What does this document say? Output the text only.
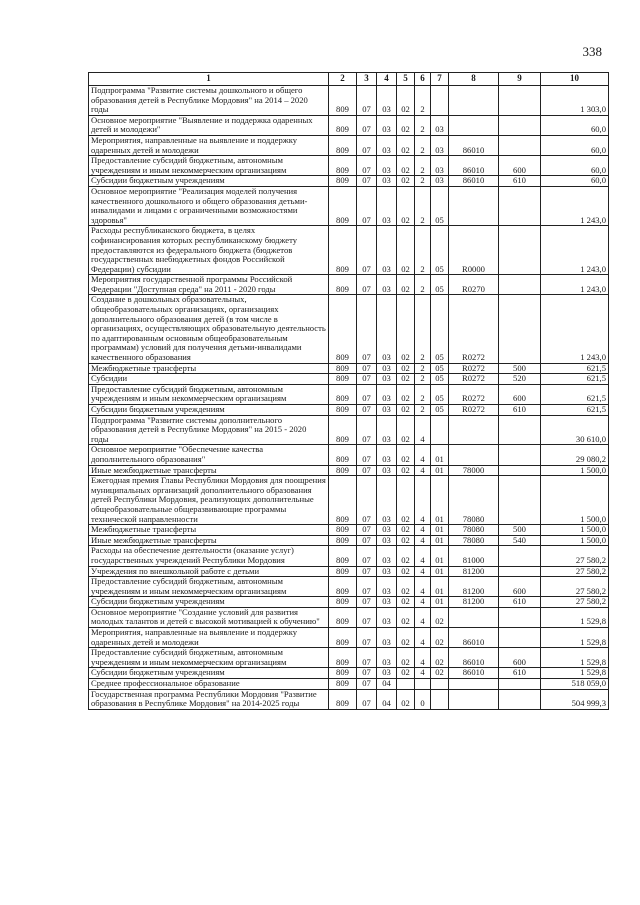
338
1	2	3	4	5	6	7	8	9	10
Подпрограмма "Развитие системы дошкольного и общего образования детей в Республике Мордовия" на 2014 – 2020 годы	809	07	03	02	2				1 303,0
Основное мероприятие "Выявление и поддержка одаренных детей и молодежи"	809	07	03	02	2	03			60,0
Мероприятия, направленные на выявление и поддержку одаренных детей и молодежи	809	07	03	02	2	03	86010		60,0
Предоставление субсидий бюджетным, автономным учреждениям и иным некоммерческим организациям	809	07	03	02	2	03	86010	600	60,0
Субсидии бюджетным учреждениям	809	07	03	02	2	03	86010	610	60,0
Основное мероприятие "Реализация моделей получения качественного дошкольного и общего образования детьми-инвалидами и лицами с ограниченными возможностями здоровья"	809	07	03	02	2	05			1 243,0
Расходы республиканского бюджета, в целях софинансирования которых республиканскому бюджету предоставляются из федерального бюджета (бюджетов государственных внебюджетных фондов Российской Федерации) субсидии	809	07	03	02	2	05	R0000		1 243,0
Мероприятия государственной программы Российской Федерации "Доступная среда" на 2011 - 2020 годы	809	07	03	02	2	05	R0270		1 243,0
Создание в дошкольных образовательных, общеобразовательных организациях, организациях дополнительного образования детей (в том числе в организациях, осуществляющих образовательную деятельность по адаптированным основным общеобразовательным программам) условий для получения детьми-инвалидами качественного образования	809	07	03	02	2	05	R0272		1 243,0
Межбюджетные трансферты	809	07	03	02	2	05	R0272	500	621,5
Субсидии	809	07	03	02	2	05	R0272	520	621,5
Предоставление субсидий бюджетным, автономным учреждениям и иным некоммерческим организациям	809	07	03	02	2	05	R0272	600	621,5
Субсидии бюджетным учреждениям	809	07	03	02	2	05	R0272	610	621,5
Подпрограмма "Развитие системы дополнительного образования детей в Республике Мордовия" на 2015 - 2020 годы	809	07	03	02	4				30 610,0
Основное мероприятие "Обеспечение качества дополнительного образования"	809	07	03	02	4	01			29 080,2
Иные межбюджетные трансферты	809	07	03	02	4	01	78000		1 500,0
Ежегодная премия Главы Республики Мордовия для поощрения муниципальных организаций дополнительного образования детей Республики Мордовия, реализующих дополнительные общеобразовательные общеразвивающие программы технической направленности	809	07	03	02	4	01	78080		1 500,0
Межбюджетные трансферты	809	07	03	02	4	01	78080	500	1 500,0
Иные межбюджетные трансферты	809	07	03	02	4	01	78080	540	1 500,0
Расходы на обеспечение деятельности (оказание услуг) государственных учреждений Республики Мордовия	809	07	03	02	4	01	81000		27 580,2
Учреждения по внешкольной работе с детьми	809	07	03	02	4	01	81200		27 580,2
Предоставление субсидий бюджетным, автономным учреждениям и иным некоммерческим организациям	809	07	03	02	4	01	81200	600	27 580,2
Субсидии бюджетным учреждениям	809	07	03	02	4	01	81200	610	27 580,2
Основное мероприятие "Создание условий для развития молодых талантов и детей с высокой мотивацией к обучению"	809	07	03	02	4	02			1 529,8
Мероприятия, направленные на выявление и поддержку одаренных детей и молодежи	809	07	03	02	4	02	86010		1 529,8
Предоставление субсидий бюджетным, автономным учреждениям и иным некоммерческим организациям	809	07	03	02	4	02	86010	600	1 529,8
Субсидии бюджетным учреждениям	809	07	03	02	4	02	86010	610	1 529,8
Среднее профессиональное образование	809	07	04						518 059,0
Государственная программа Республики Мордовия "Развитие образования в Республике Мордовия" на 2014-2025 годы	809	07	04	02	0				504 999,3
